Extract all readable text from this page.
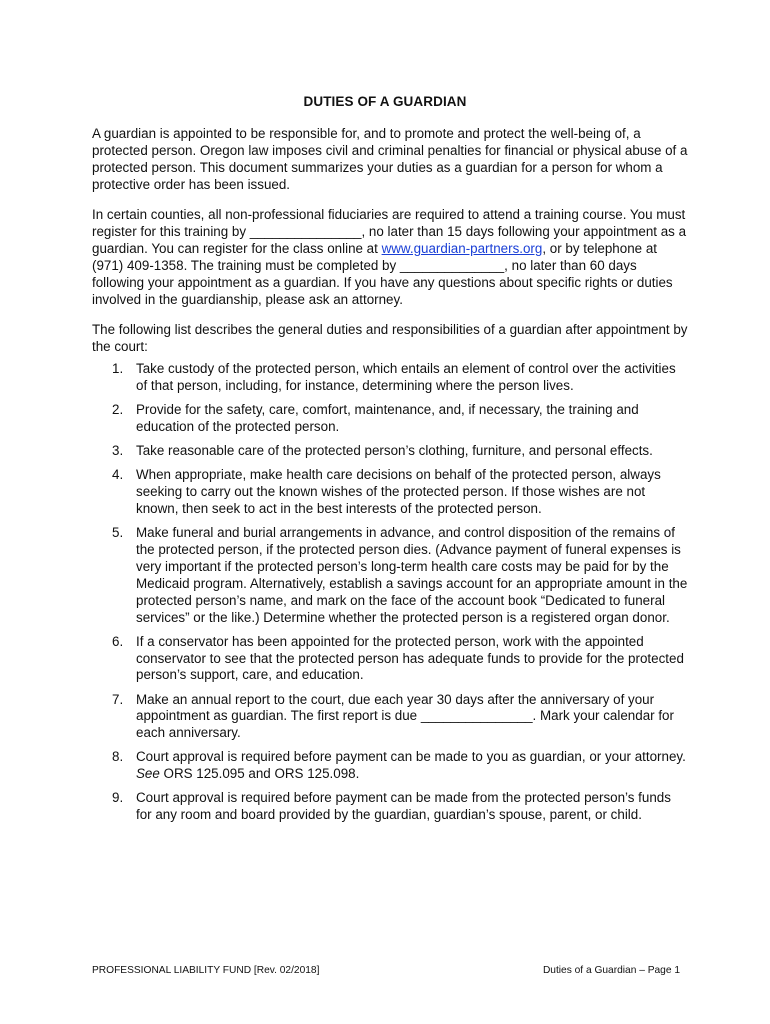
DUTIES OF A GUARDIAN
A guardian is appointed to be responsible for, and to promote and protect the well-being of, a protected person. Oregon law imposes civil and criminal penalties for financial or physical abuse of a protected person. This document summarizes your duties as a guardian for a person for whom a protective order has been issued.
In certain counties, all non-professional fiduciaries are required to attend a training course. You must register for this training by _______________, no later than 15 days following your appointment as a guardian. You can register for the class online at www.guardian-partners.org, or by telephone at (971) 409-1358. The training must be completed by ______________, no later than 60 days following your appointment as a guardian. If you have any questions about specific rights or duties involved in the guardianship, please ask an attorney.
The following list describes the general duties and responsibilities of a guardian after appointment by the court:
1. Take custody of the protected person, which entails an element of control over the activities of that person, including, for instance, determining where the person lives.
2. Provide for the safety, care, comfort, maintenance, and, if necessary, the training and education of the protected person.
3. Take reasonable care of the protected person’s clothing, furniture, and personal effects.
4. When appropriate, make health care decisions on behalf of the protected person, always seeking to carry out the known wishes of the protected person. If those wishes are not known, then seek to act in the best interests of the protected person.
5. Make funeral and burial arrangements in advance, and control disposition of the remains of the protected person, if the protected person dies. (Advance payment of funeral expenses is very important if the protected person’s long-term health care costs may be paid for by the Medicaid program. Alternatively, establish a savings account for an appropriate amount in the protected person’s name, and mark on the face of the account book “Dedicated to funeral services” or the like.) Determine whether the protected person is a registered organ donor.
6. If a conservator has been appointed for the protected person, work with the appointed conservator to see that the protected person has adequate funds to provide for the protected person’s support, care, and education.
7. Make an annual report to the court, due each year 30 days after the anniversary of your appointment as guardian. The first report is due _______________. Mark your calendar for each anniversary.
8. Court approval is required before payment can be made to you as guardian, or your attorney. See ORS 125.095 and ORS 125.098.
9. Court approval is required before payment can be made from the protected person’s funds for any room and board provided by the guardian, guardian’s spouse, parent, or child.
PROFESSIONAL LIABILITY FUND [Rev. 02/2018]	Duties of a Guardian – Page 1
